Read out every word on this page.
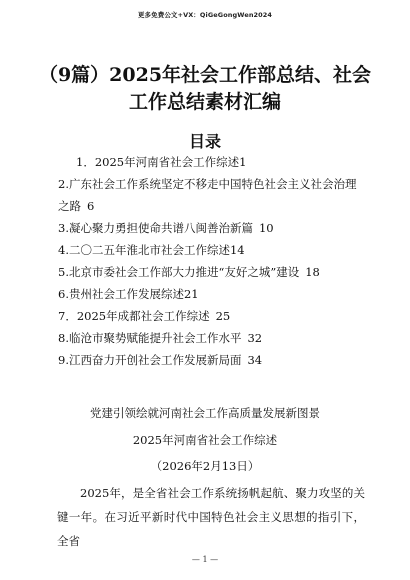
更多免费公文+VX：QiGeGongWen2024
（9篇）2025年社会工作部总结、社会工作总结素材汇编
目录
1．2025年河南省社会工作综述1
2.广东社会工作系统坚定不移走中国特色社会主义社会治理之路 6
3.凝心聚力勇担使命共谱八闽善治新篇 10
4.二〇二五年淮北市社会工作综述14
5.北京市委社会工作部大力推进“友好之城”建设 18
6.贵州社会工作发展综述21
7．2025年成都社会工作综述 25
8.临沧市聚势赋能提升社会工作水平 32
9.江西奋力开创社会工作发展新局面 34
党建引领绘就河南社会工作高质量发展新图景
2025年河南省社会工作综述
（2026年2月13日）

2025年，是全省社会工作系统扬帆起航、聚力攻坚的关键一年。在习近平新时代中国特色社会主义思想的指引下，全省

— 1 —
